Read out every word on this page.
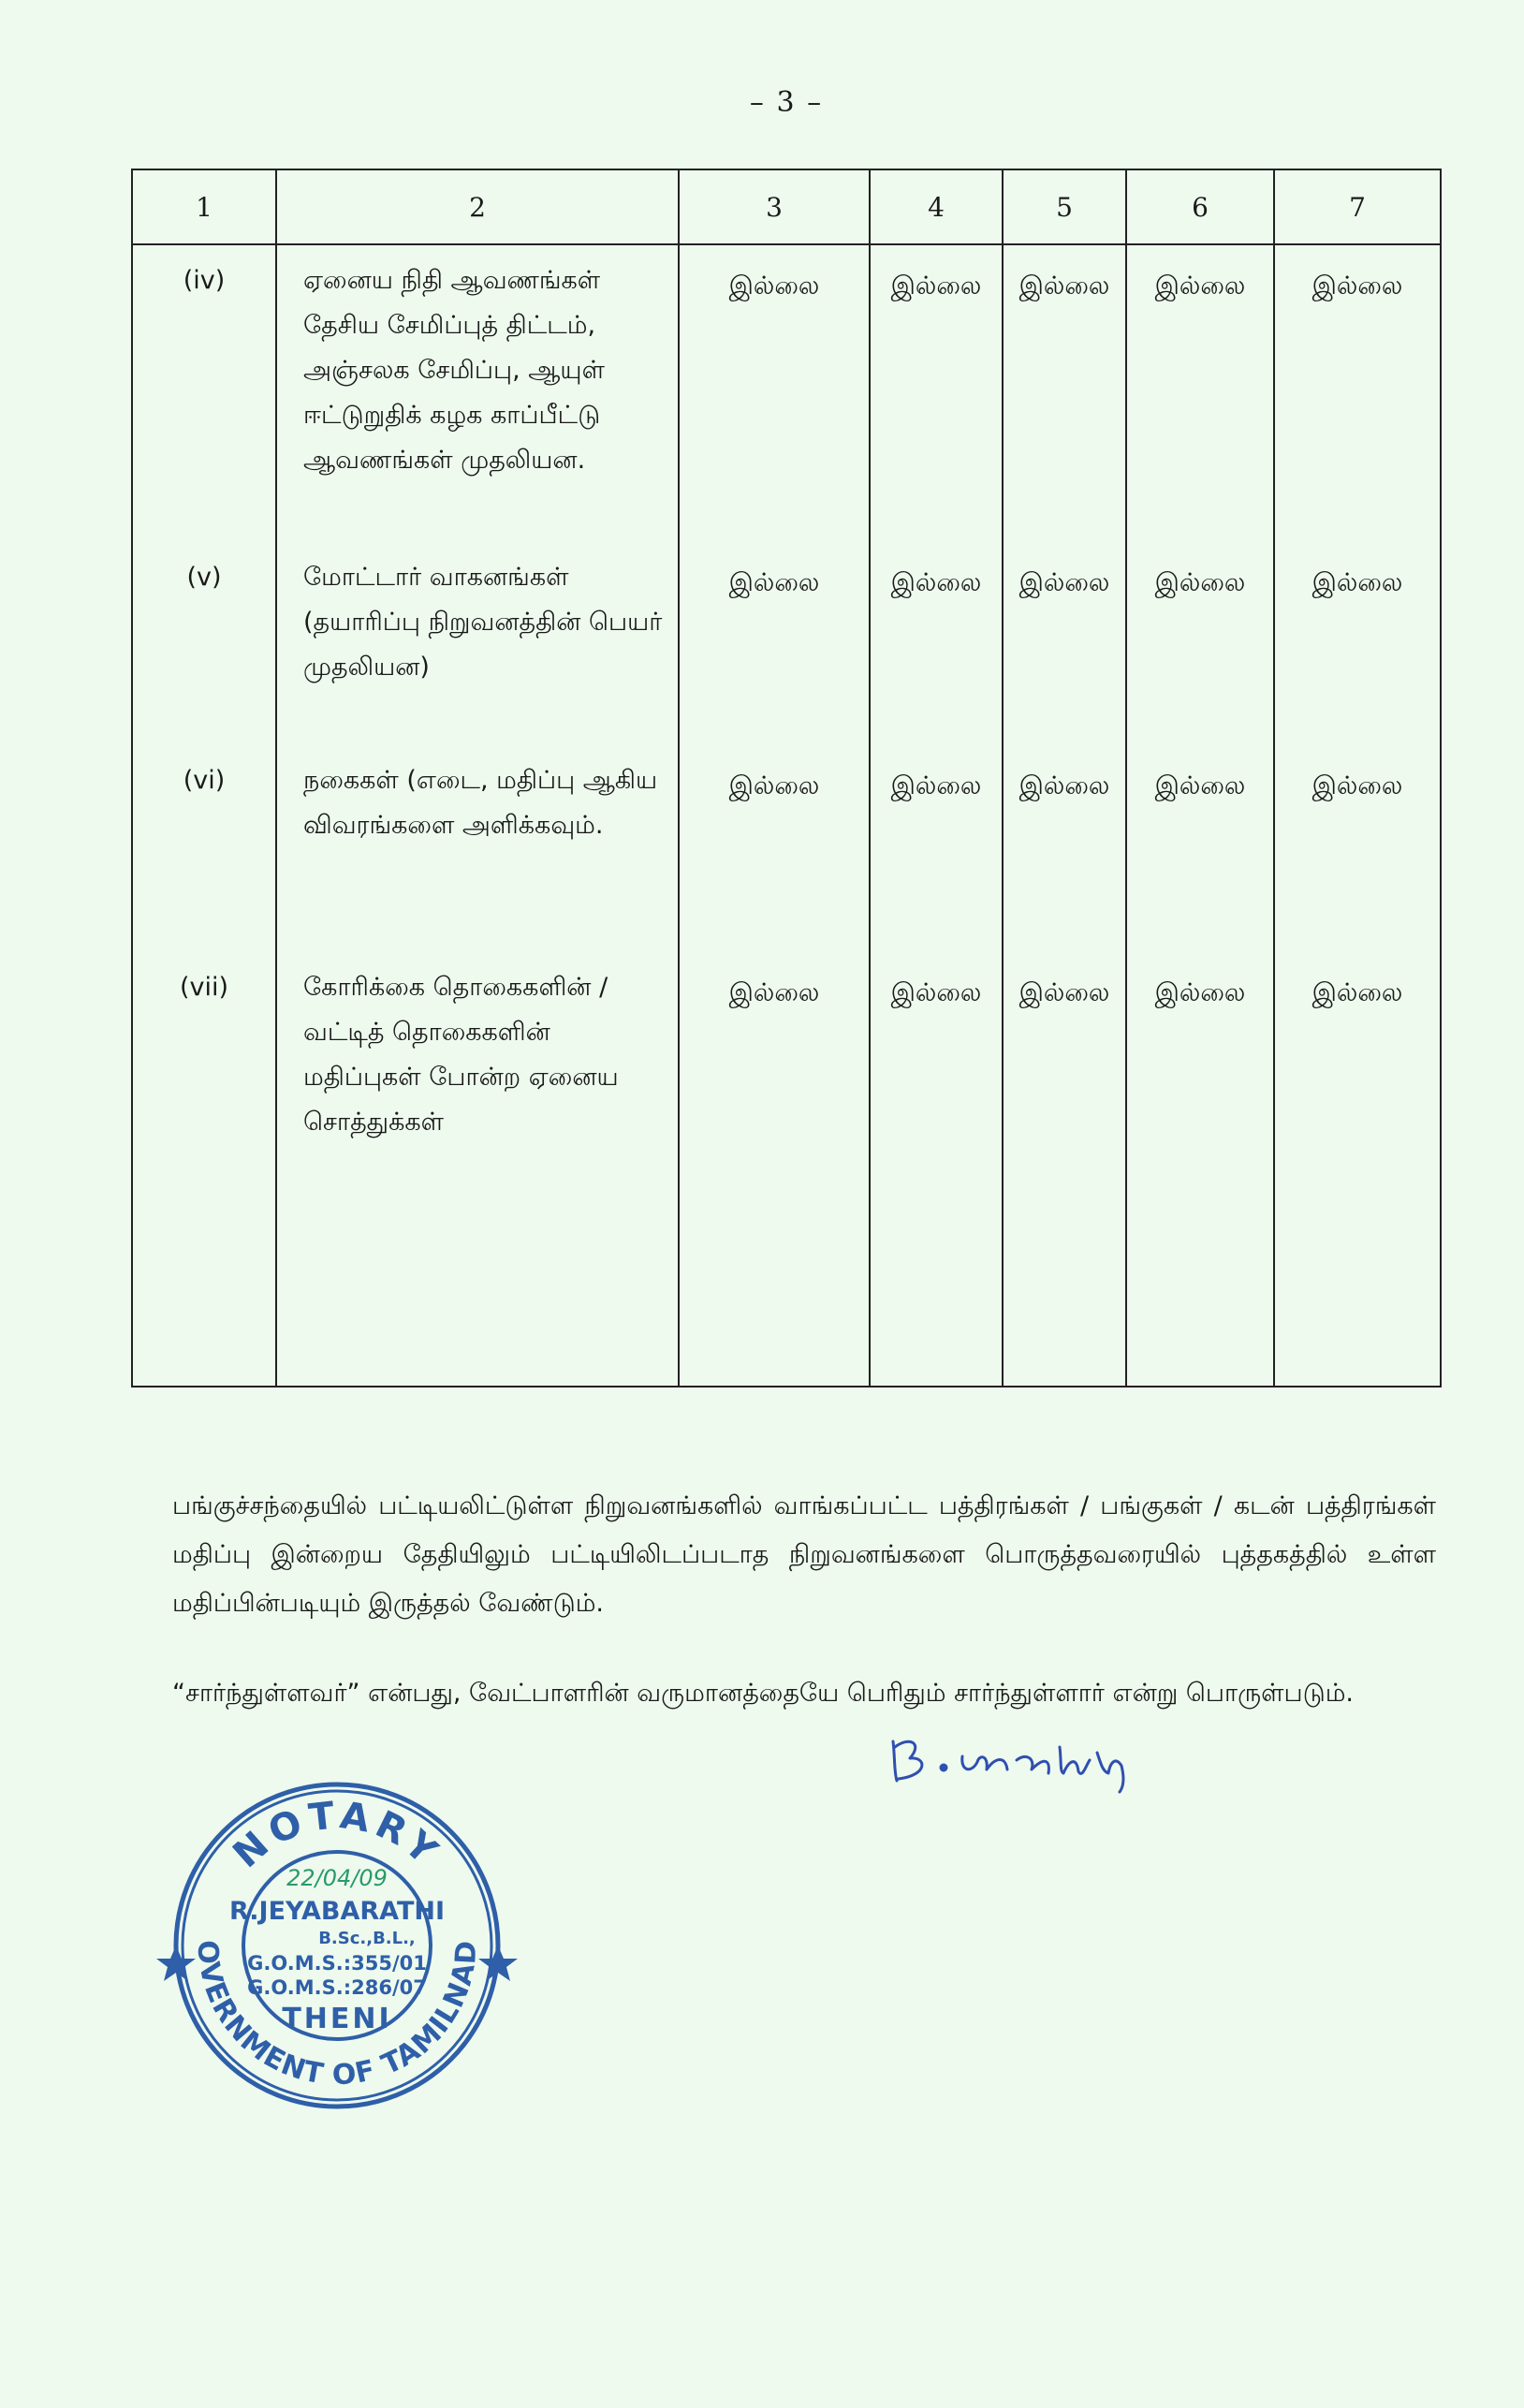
– 3 –
1	2	3	4	5	6	7
(iv)	ஏனைய நிதி ஆவணங்கள் தேசிய சேமிப்புத் திட்டம், அஞ்சலக சேமிப்பு, ஆயுள் ஈட்டுறுதிக் கழக காப்பீட்டு ஆவணங்கள் முதலியன.	இல்லை	இல்லை	இல்லை	இல்லை	இல்லை
(v)	மோட்டார் வாகனங்கள் (தயாரிப்பு நிறுவனத்தின் பெயர் முதலியன)	இல்லை	இல்லை	இல்லை	இல்லை	இல்லை
(vi)	நகைகள் (எடை, மதிப்பு ஆகிய விவரங்களை அளிக்கவும்.	இல்லை	இல்லை	இல்லை	இல்லை	இல்லை
(vii)	கோரிக்கை தொகைகளின் / வட்டித் தொகைகளின் மதிப்புகள் போன்ற ஏனைய சொத்துக்கள்	இல்லை	இல்லை	இல்லை	இல்லை	இல்லை

பங்குச்சந்தையில் பட்டியலிட்டுள்ள நிறுவனங்களில் வாங்கப்பட்ட பத்திரங்கள் / பங்குகள் / கடன் பத்திரங்கள் மதிப்பு இன்றைய தேதியிலும் பட்டியிலிடப்படாத நிறுவனங்களை பொருத்தவரையில் புத்தகத்தில் உள்ள மதிப்பின்படியும் இருத்தல் வேண்டும்.

“சார்ந்துள்ளவர்” என்பது, வேட்பாளரின் வருமானத்தையே பெரிதும் சார்ந்துள்ளார் என்று பொருள்படும்.

NOTARY
OVERNMENT OF TAMILNAD
22/04/09
R.JEYABARATHI
B.Sc.,B.L.,
G.O.M.S.:355/01
G.O.M.S.:286/07
THENI
